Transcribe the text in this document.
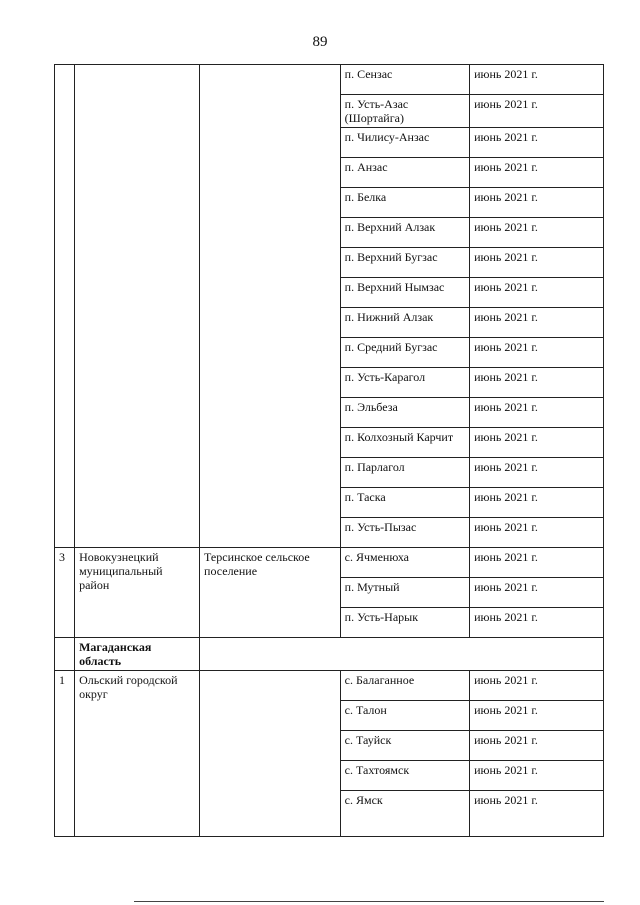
89
			п. Сензас	июнь 2021 г.
			п. Усть-Азас (Шортайга)	июнь 2021 г.
			п. Чилису-Анзас	июнь 2021 г.
			п. Анзас	июнь 2021 г.
			п. Белка	июнь 2021 г.
			п. Верхний Алзак	июнь 2021 г.
			п. Верхний Бугзас	июнь 2021 г.
			п. Верхний Нымзас	июнь 2021 г.
			п. Нижний Алзак	июнь 2021 г.
			п. Средний Бугзас	июнь 2021 г.
			п. Усть-Карагол	июнь 2021 г.
			п. Эльбеза	июнь 2021 г.
			п. Колхозный Карчит	июнь 2021 г.
			п. Парлагол	июнь 2021 г.
			п. Таска	июнь 2021 г.
			п. Усть-Пызас	июнь 2021 г.
3	Новокузнецкий муниципальный район	Терсинское сельское поселение	с. Ячменюха	июнь 2021 г.
			п. Мутный	июнь 2021 г.
			п. Усть-Нарык	июнь 2021 г.
	Магаданская область			
1	Ольский городской округ		с. Балаганное	июнь 2021 г.
			с. Талон	июнь 2021 г.
			с. Тауйск	июнь 2021 г.
			с. Тахтоямск	июнь 2021 г.
			с. Ямск	июнь 2021 г.
